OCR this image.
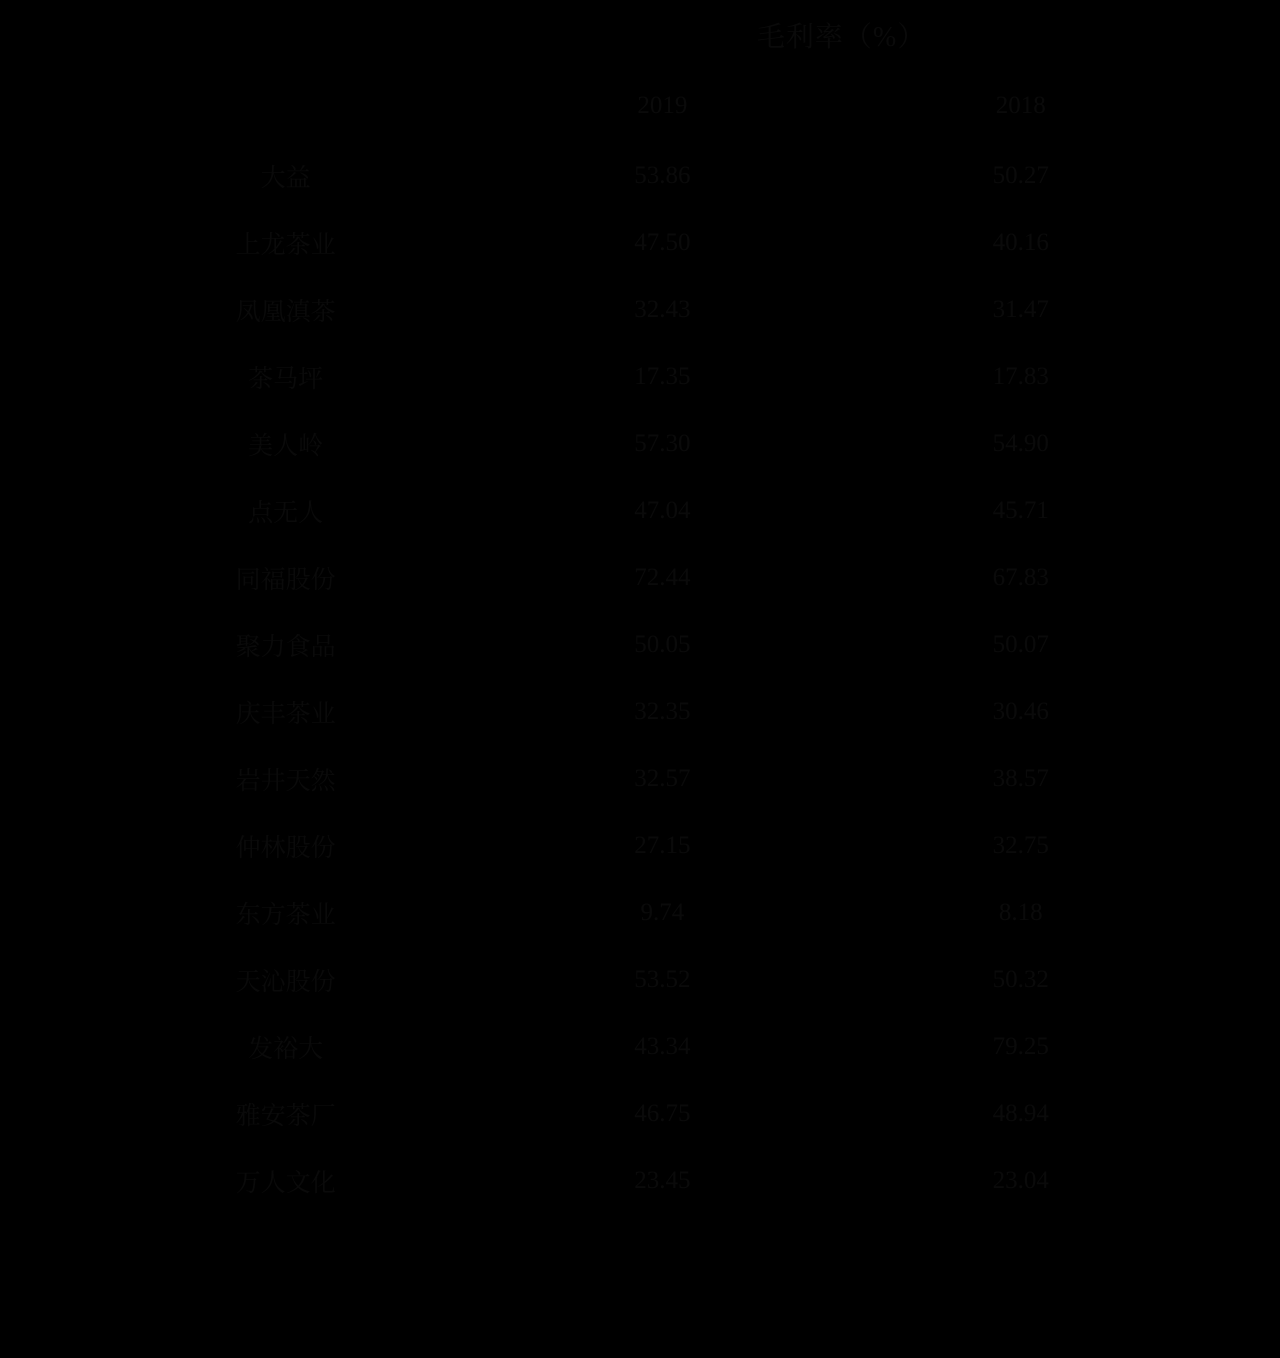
	毛利率（%）	
	2019	2018
大益	53.86	50.27
上龙茶业	47.50	40.16
凤凰滇茶	32.43	31.47
茶马坪	17.35	17.83
美人岭	57.30	54.90
点无人	47.04	45.71
同福股份	72.44	67.83
聚力食品	50.05	50.07
庆丰茶业	32.35	30.46
岩井天然	32.57	38.57
仲林股份	27.15	32.75
东方茶业	9.74	8.18
天沁股份	53.52	50.32
发裕大	43.34	79.25
雅安茶厂	46.75	48.94
万人文化	23.45	23.04
